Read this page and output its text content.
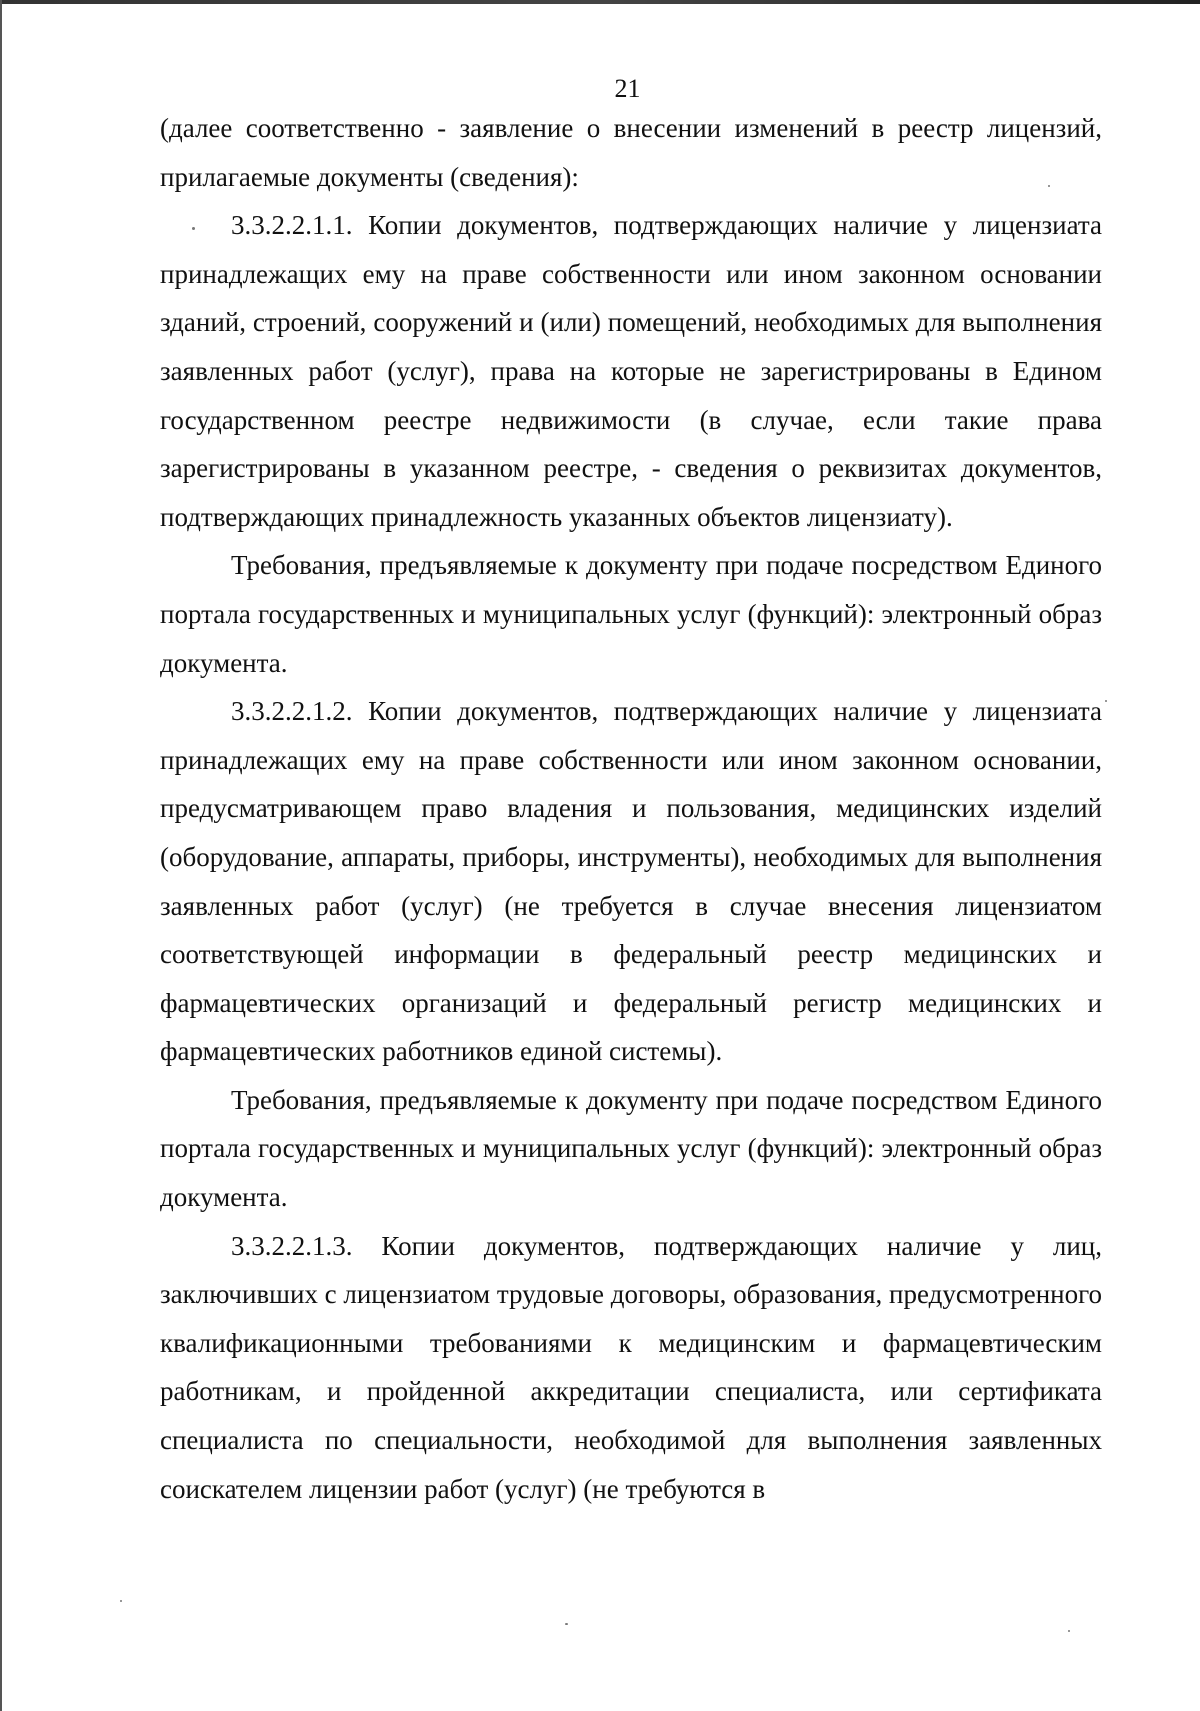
21

(далее соответственно - заявление о внесении изменений в реестр лицензий, прилагаемые документы (сведения):

3.3.2.2.1.1. Копии документов, подтверждающих наличие у лицензиата принадлежащих ему на праве собственности или ином законном основании зданий, строений, сооружений и (или) помещений, необходимых для выполнения заявленных работ (услуг), права на которые не зарегистрированы в Едином государственном реестре недвижимости (в случае, если такие права зарегистрированы в указанном реестре, - сведения о реквизитах документов, подтверждающих принадлежность указанных объектов лицензиату).

Требования, предъявляемые к документу при подаче посредством Единого портала государственных и муниципальных услуг (функций): электронный образ документа.

3.3.2.2.1.2. Копии документов, подтверждающих наличие у лицензиата принадлежащих ему на праве собственности или ином законном основании, предусматривающем право владения и пользования, медицинских изделий (оборудование, аппараты, приборы, инструменты), необходимых для выполнения заявленных работ (услуг) (не требуется в случае внесения лицензиатом соответствующей информации в федеральный реестр медицинских и фармацевтических организаций и федеральный регистр медицинских и фармацевтических работников единой системы).

Требования, предъявляемые к документу при подаче посредством Единого портала государственных и муниципальных услуг (функций): электронный образ документа.

3.3.2.2.1.3. Копии документов, подтверждающих наличие у лиц, заключивших с лицензиатом трудовые договоры, образования, предусмотренного квалификационными требованиями к медицинским и фармацевтическим работникам, и пройденной аккредитации специалиста, или сертификата специалиста по специальности, необходимой для выполнения заявленных соискателем лицензии работ (услуг) (не требуются в
